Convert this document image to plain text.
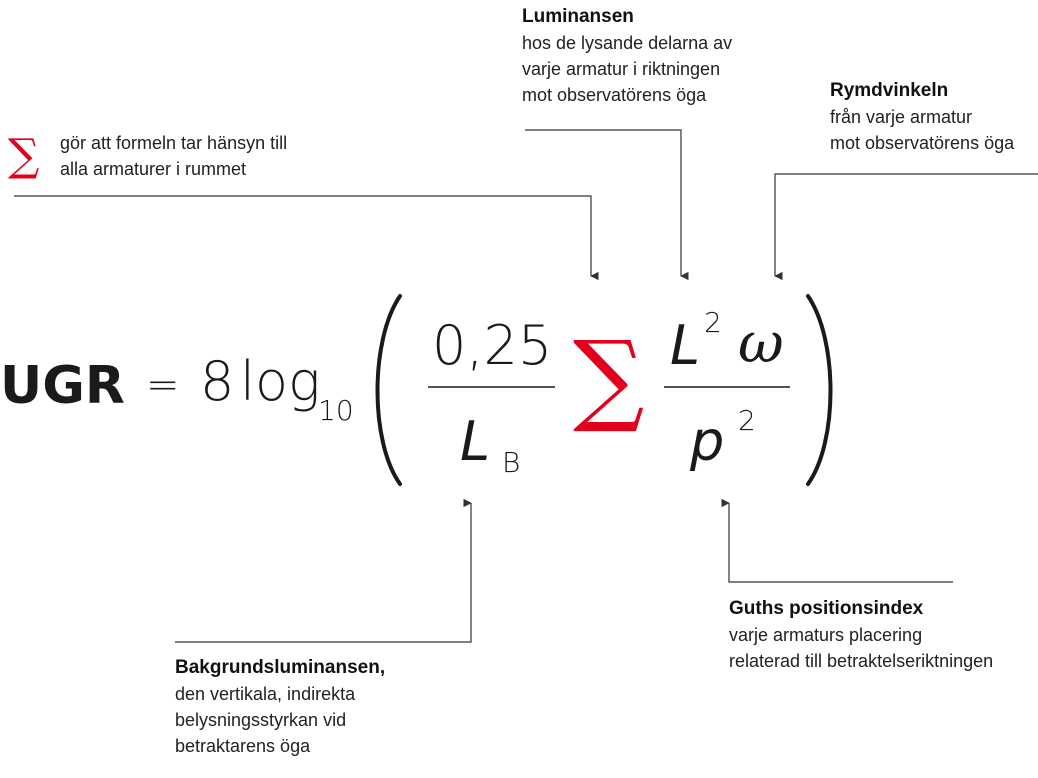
∑ gör att formeln tar hänsyn till
alla armaturer i rummet
Luminansen
hos de lysande delarna av
varje armatur i riktningen
mot observatörens öga	Rymdvinkeln
från varje armatur
mot observatörens öga
Bakgrundsluminansen,
den vertikala, indirekta
belysningsstyrkan vid
betraktarens öga
Guths positionsindex
varje armaturs placering
relaterad till betraktelseriktningen
UGR = 8 log
10
0,25
L B
∑ L 2 ω
p 2
